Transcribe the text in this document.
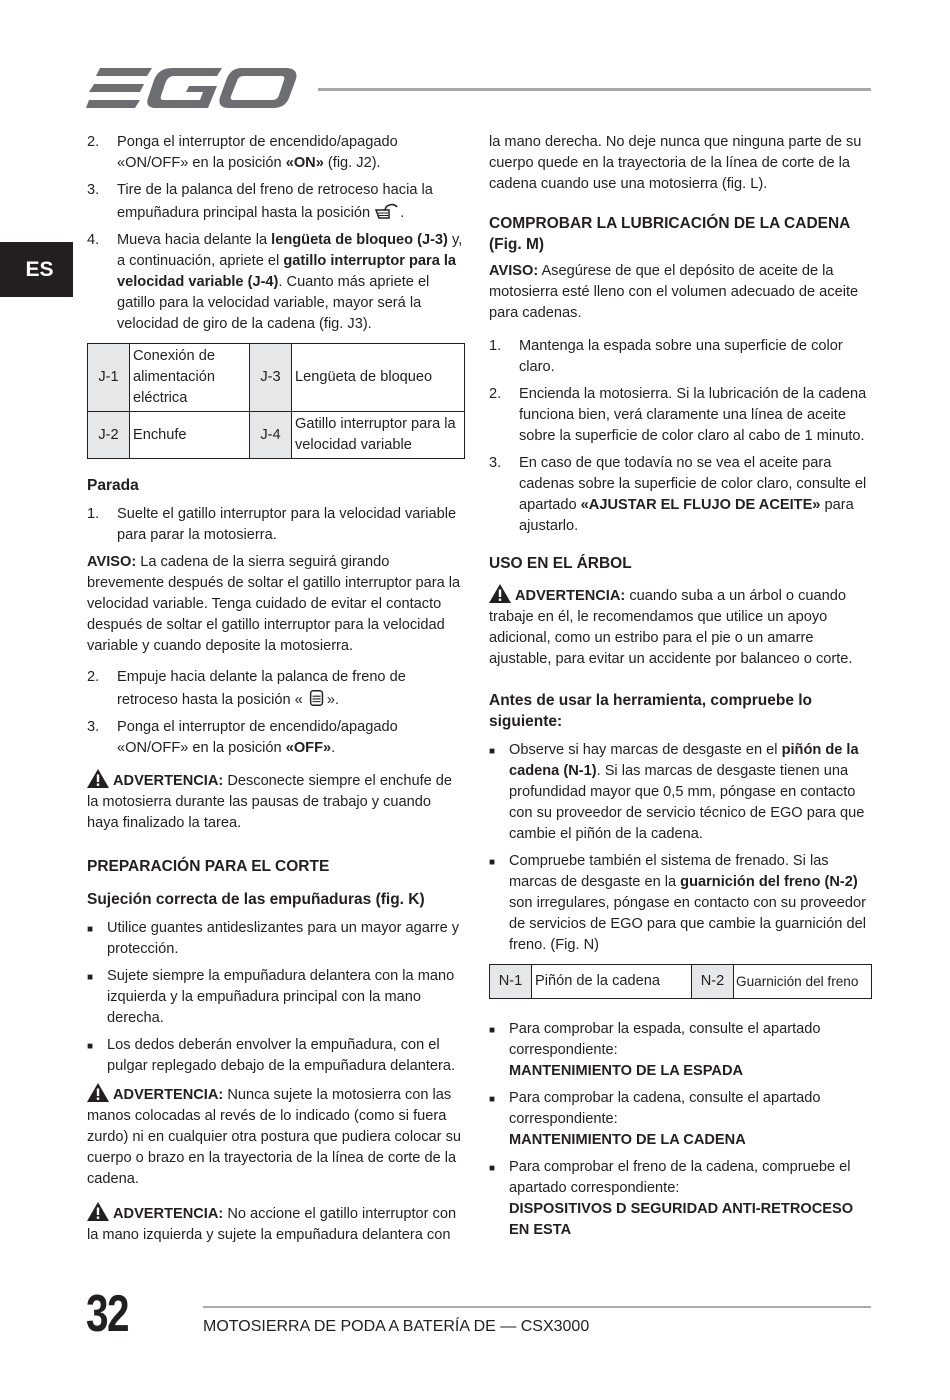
ES
2.	Ponga el interruptor de encendido/apagado «ON/OFF» en la posición «ON» (fig. J2).
3.	Tire de la palanca del freno de retroceso hacia la empuñadura principal hasta la posición .
4.	Mueva hacia delante la lengüeta de bloqueo (J-3) y, a continuación, apriete el gatillo interruptor para la velocidad variable (J-4). Cuanto más apriete el gatillo para la velocidad variable, mayor será la velocidad de giro de la cadena (fig. J3).
J-1	Conexión de alimentación eléctrica	J-3	Lengüeta de bloqueo
J-2	Enchufe	J-4	Gatillo interruptor para la velocidad variable
Parada
1.	Suelte el gatillo interruptor para la velocidad variable para parar la motosierra.
AVISO: La cadena de la sierra seguirá girando brevemente después de soltar el gatillo interruptor para la velocidad variable. Tenga cuidado de evitar el contacto después de soltar el gatillo interruptor para la velocidad variable y cuando deposite la motosierra.
2.	Empuje hacia delante la palanca de freno de retroceso hasta la posición « ».
3.	Ponga el interruptor de encendido/apagado «ON/OFF» en la posición «OFF».
ADVERTENCIA: Desconecte siempre el enchufe de la motosierra durante las pausas de trabajo y cuando haya finalizado la tarea.
PREPARACIÓN PARA EL CORTE
Sujeción correcta de las empuñaduras (fig. K)
■ Utilice guantes antideslizantes para un mayor agarre y protección.
■ Sujete siempre la empuñadura delantera con la mano izquierda y la empuñadura principal con la mano derecha.
■ Los dedos deberán envolver la empuñadura, con el pulgar replegado debajo de la empuñadura delantera.
ADVERTENCIA: Nunca sujete la motosierra con las manos colocadas al revés de lo indicado (como si fuera zurdo) ni en cualquier otra postura que pudiera colocar su cuerpo o brazo en la trayectoria de la línea de corte de la cadena.
ADVERTENCIA: No accione el gatillo interruptor con la mano izquierda y sujete la empuñadura delantera con
la mano derecha. No deje nunca que ninguna parte de su cuerpo quede en la trayectoria de la línea de corte de la cadena cuando use una motosierra (fig. L).
COMPROBAR LA LUBRICACIÓN DE LA CADENA (Fig. M)
AVISO: Asegúrese de que el depósito de aceite de la motosierra esté lleno con el volumen adecuado de aceite para cadenas.
1.	Mantenga la espada sobre una superficie de color claro.
2.	Encienda la motosierra. Si la lubricación de la cadena funciona bien, verá claramente una línea de aceite sobre la superficie de color claro al cabo de 1 minuto.
3.	En caso de que todavía no se vea el aceite para cadenas sobre la superficie de color claro, consulte el apartado «AJUSTAR EL FLUJO DE ACEITE» para ajustarlo.
USO EN EL ÁRBOL
ADVERTENCIA: cuando suba a un árbol o cuando trabaje en él, le recomendamos que utilice un apoyo adicional, como un estribo para el pie o un amarre ajustable, para evitar un accidente por balanceo o corte.
Antes de usar la herramienta, compruebe lo siguiente:
■ Observe si hay marcas de desgaste en el piñón de la cadena (N-1). Si las marcas de desgaste tienen una profundidad mayor que 0,5 mm, póngase en contacto con su proveedor de servicio técnico de EGO para que cambie el piñón de la cadena.
■ Compruebe también el sistema de frenado. Si las marcas de desgaste en la guarnición del freno (N-2) son irregulares, póngase en contacto con su proveedor de servicios de EGO para que cambie la guarnición del freno. (Fig. N)
N-1	Piñón de la cadena	N-2	Guarnición del freno
■ Para comprobar la espada, consulte el apartado correspondiente:
MANTENIMIENTO DE LA ESPADA
■ Para comprobar la cadena, consulte el apartado correspondiente:
MANTENIMIENTO DE LA CADENA
■ Para comprobar el freno de la cadena, compruebe el apartado correspondiente:
DISPOSITIVOS D SEGURIDAD ANTI-RETROCESO EN ESTA
32	MOTOSIERRA DE PODA A BATERÍA DE — CSX3000
